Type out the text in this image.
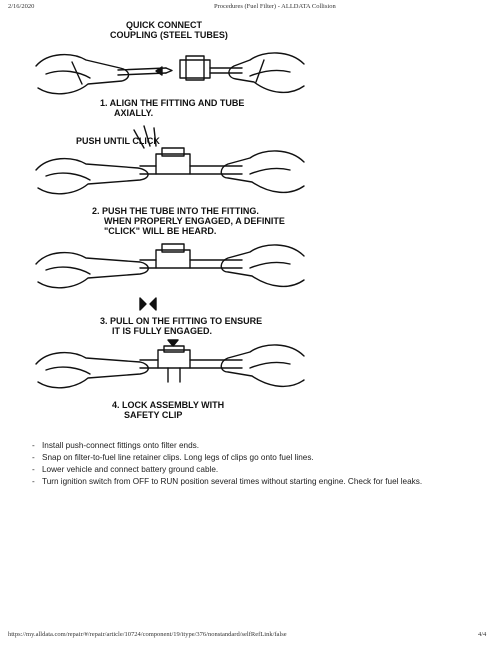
2/16/2020	Procedures (Fuel Filter) - ALLDATA Collision
QUICK CONNECT
COUPLING (STEEL TUBES)
1. ALIGN THE FITTING AND TUBE
AXIALLY.
PUSH UNTIL CLICK
2. PUSH THE TUBE INTO THE FITTING.
WHEN PROPERLY ENGAGED, A DEFINITE
"CLICK" WILL BE HEARD.
3. PULL ON THE FITTING TO ENSURE
IT IS FULLY ENGAGED.
4. LOCK ASSEMBLY WITH
SAFETY CLIP
- Install push-connect fittings onto filter ends.
- Snap on filter-to-fuel line retainer clips. Long legs of clips go onto fuel lines.
- Lower vehicle and connect battery ground cable.
- Turn ignition switch from OFF to RUN position several times without starting engine. Check for fuel leaks.
https://my.alldata.com/repair/#/repair/article/10724/component/19/itype/376/nonstandard/selfRefLink/false	4/4
